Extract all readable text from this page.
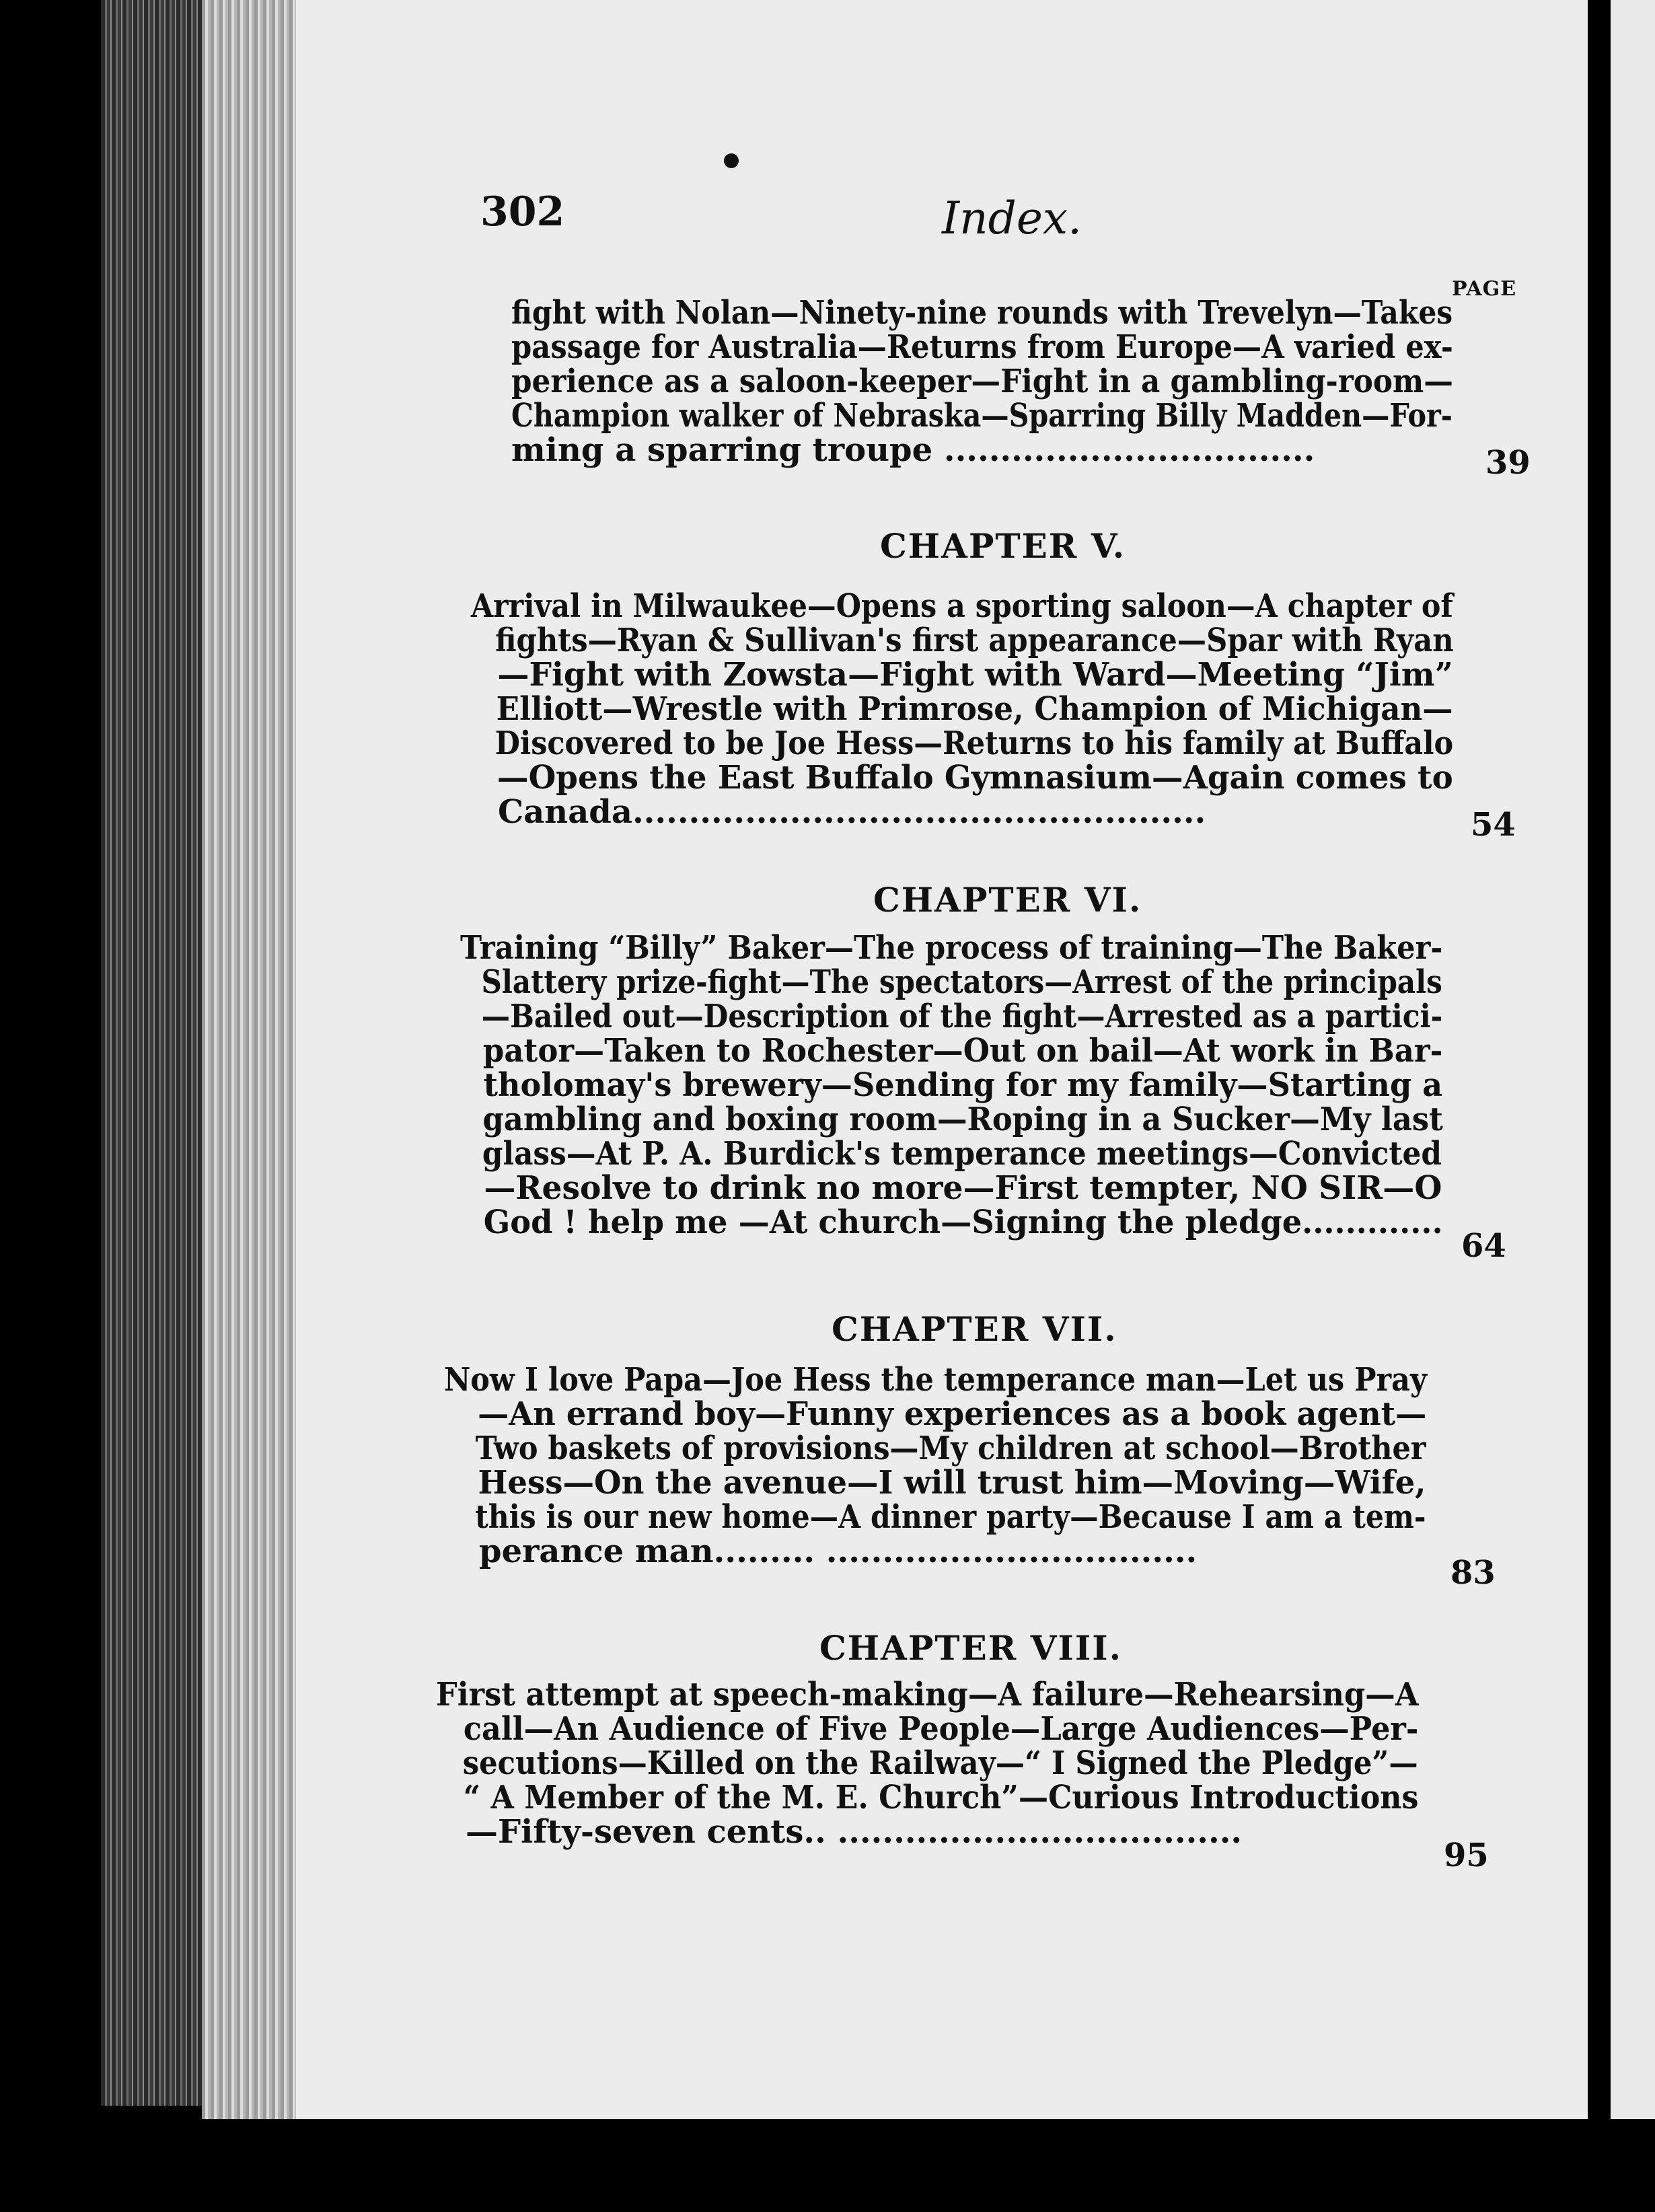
302	Index.

PAGE
fight with Nolan—Ninety-nine rounds with Trevelyn—Takes
passage for Australia—Returns from Europe—A varied ex-
perience as a saloon-keeper—Fight in a gambling-room—
Champion walker of Nebraska—Sparring Billy Madden—For-
ming a sparring troupe .................................	39
CHAPTER V.
Arrival in Milwaukee—Opens a sporting saloon—A chapter of
fights—Ryan & Sullivan's first appearance—Spar with Ryan
—Fight with Zowsta—Fight with Ward—Meeting “Jim”
Elliott—Wrestle with Primrose, Champion of Michigan—
Discovered to be Joe Hess—Returns to his family at Buffalo
—Opens the East Buffalo Gymnasium—Again comes to
Canada...................................................	54
CHAPTER VI.
Training “Billy” Baker—The process of training—The Baker-
Slattery prize-fight—The spectators—Arrest of the principals
—Bailed out—Description of the fight—Arrested as a partici-
pator—Taken to Rochester—Out on bail—At work in Bar-
tholomay's brewery—Sending for my family—Starting a
gambling and boxing room—Roping in a Sucker—My last
glass—At P. A. Burdick's temperance meetings—Convicted
—Resolve to drink no more—First tempter, NO SIR—O
God ! help me —At church—Signing the pledge.............
64
CHAPTER VII.
Now I love Papa—Joe Hess the temperance man—Let us Pray
—An errand boy—Funny experiences as a book agent—
Two baskets of provisions—My children at school—Brother
Hess—On the avenue—I will trust him—Moving—Wife,
this is our new home—A dinner party—Because I am a tem-
perance man......... .................................
83
CHAPTER VIII.
First attempt at speech-making—A failure—Rehearsing—A
call—An Audience of Five People—Large Audiences—Per-
secutions—Killed on the Railway—“ I Signed the Pledge”—
“ A Member of the M. E. Church”—Curious Introductions
—Fifty-seven cents.. ....................................
95
